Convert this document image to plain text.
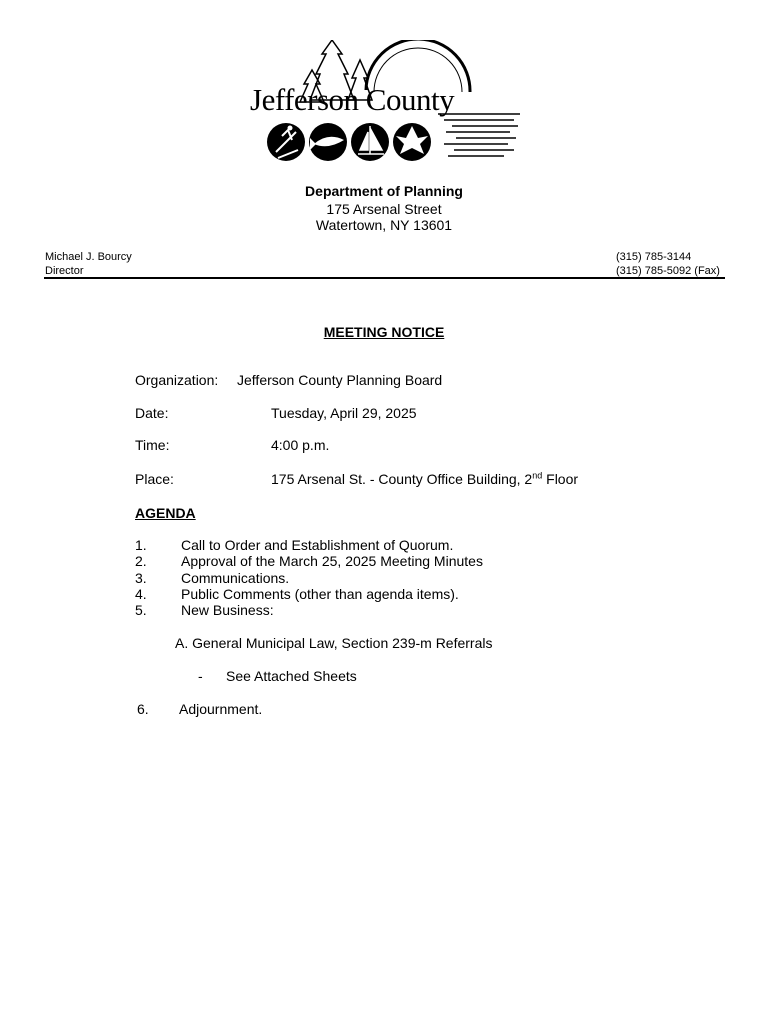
Jefferson County
Department of Planning
175 Arsenal Street
Watertown, NY 13601
Michael J. Bourcy
Director
(315) 785-3144
(315) 785-5092 (Fax)
MEETING NOTICE
Organization: Jefferson County Planning Board
Date:	Tuesday, April 29, 2025
Time:	4:00 p.m.
Place:	175 Arsenal St. - County Office Building, 2nd Floor
AGENDA
1. Call to Order and Establishment of Quorum.
2. Approval of the March 25, 2025 Meeting Minutes
3. Communications.
4. Public Comments (other than agenda items).
5. New Business:
A. General Municipal Law, Section 239-m Referrals
- See Attached Sheets
6. Adjournment.
